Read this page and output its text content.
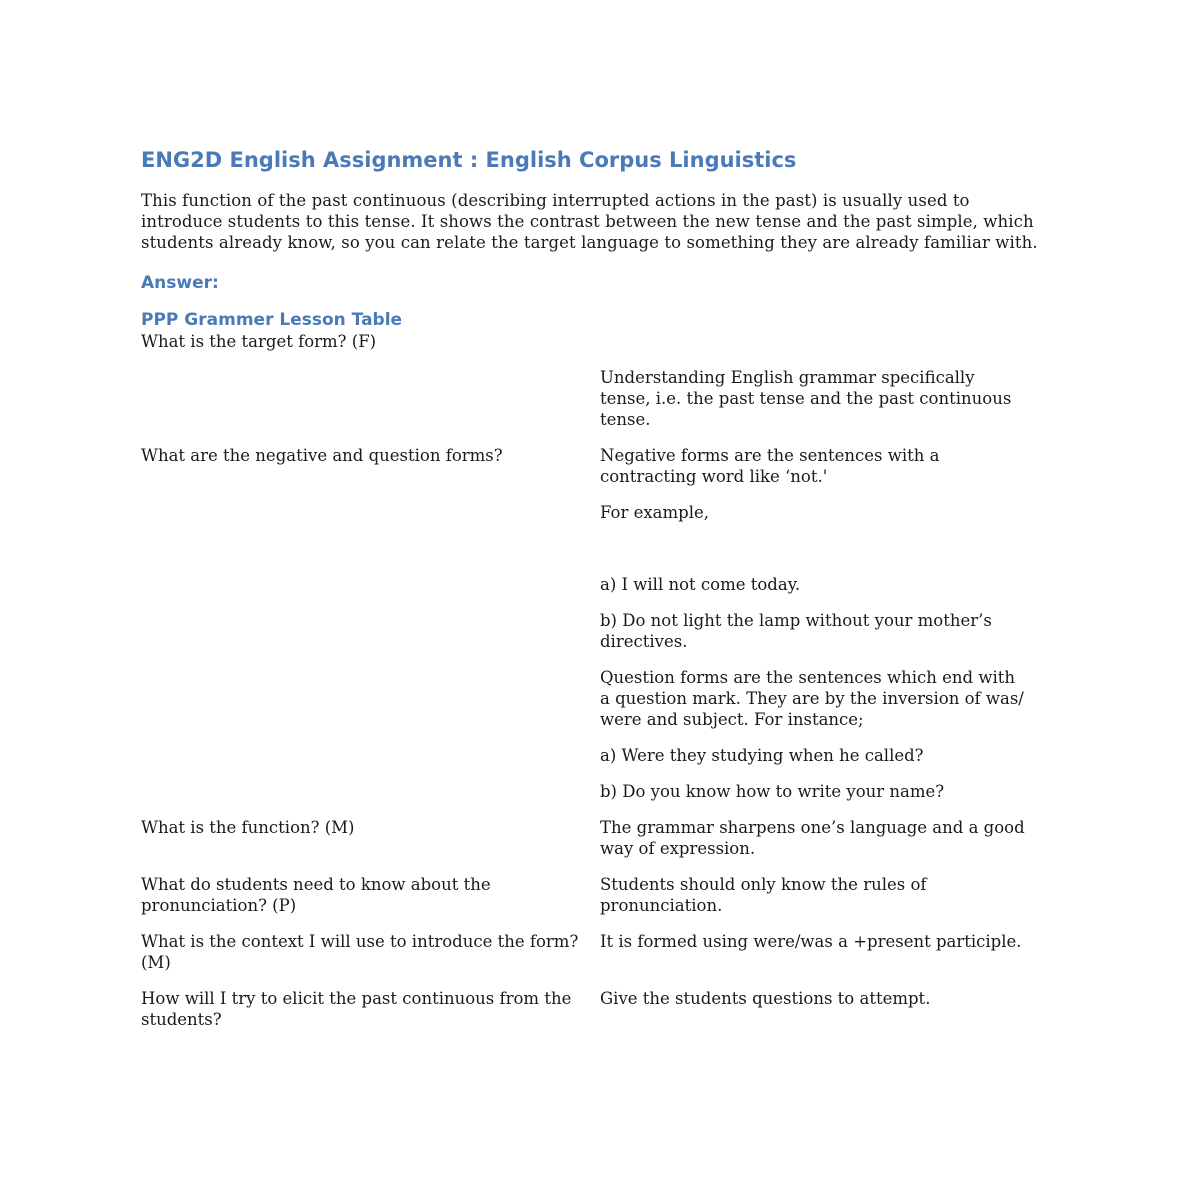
ENG2D English Assignment : English Corpus Linguistics

This function of the past continuous (describing interrupted actions in the past) is usually used to introduce students to this tense. It shows the contrast between the new tense and the past simple, which students already know, so you can relate the target language to something they are already familiar with.

Answer:
PPP Grammer Lesson Table
What is the target form? (F)
Understanding English grammar specifically tense, i.e. the past tense and the past continuous tense.
What are the negative and question forms?	Negative forms are the sentences with a contracting word like ‘not.'
For example,
a) I will not come today.
b) Do not light the lamp without your mother’s directives.
Question forms are the sentences which end with a question mark. They are by the inversion of was/ were and subject. For instance;
a) Were they studying when he called?
b) Do you know how to write your name?
What is the function? (M)	The grammar sharpens one’s language and a good way of expression.
What do students need to know about the pronunciation? (P)
Students should only know the rules of pronunciation.
What is the context I will use to introduce the form? (M)
It is formed using were/was a +present participle.
How will I try to elicit the past continuous from the students?
Give the students questions to attempt.
